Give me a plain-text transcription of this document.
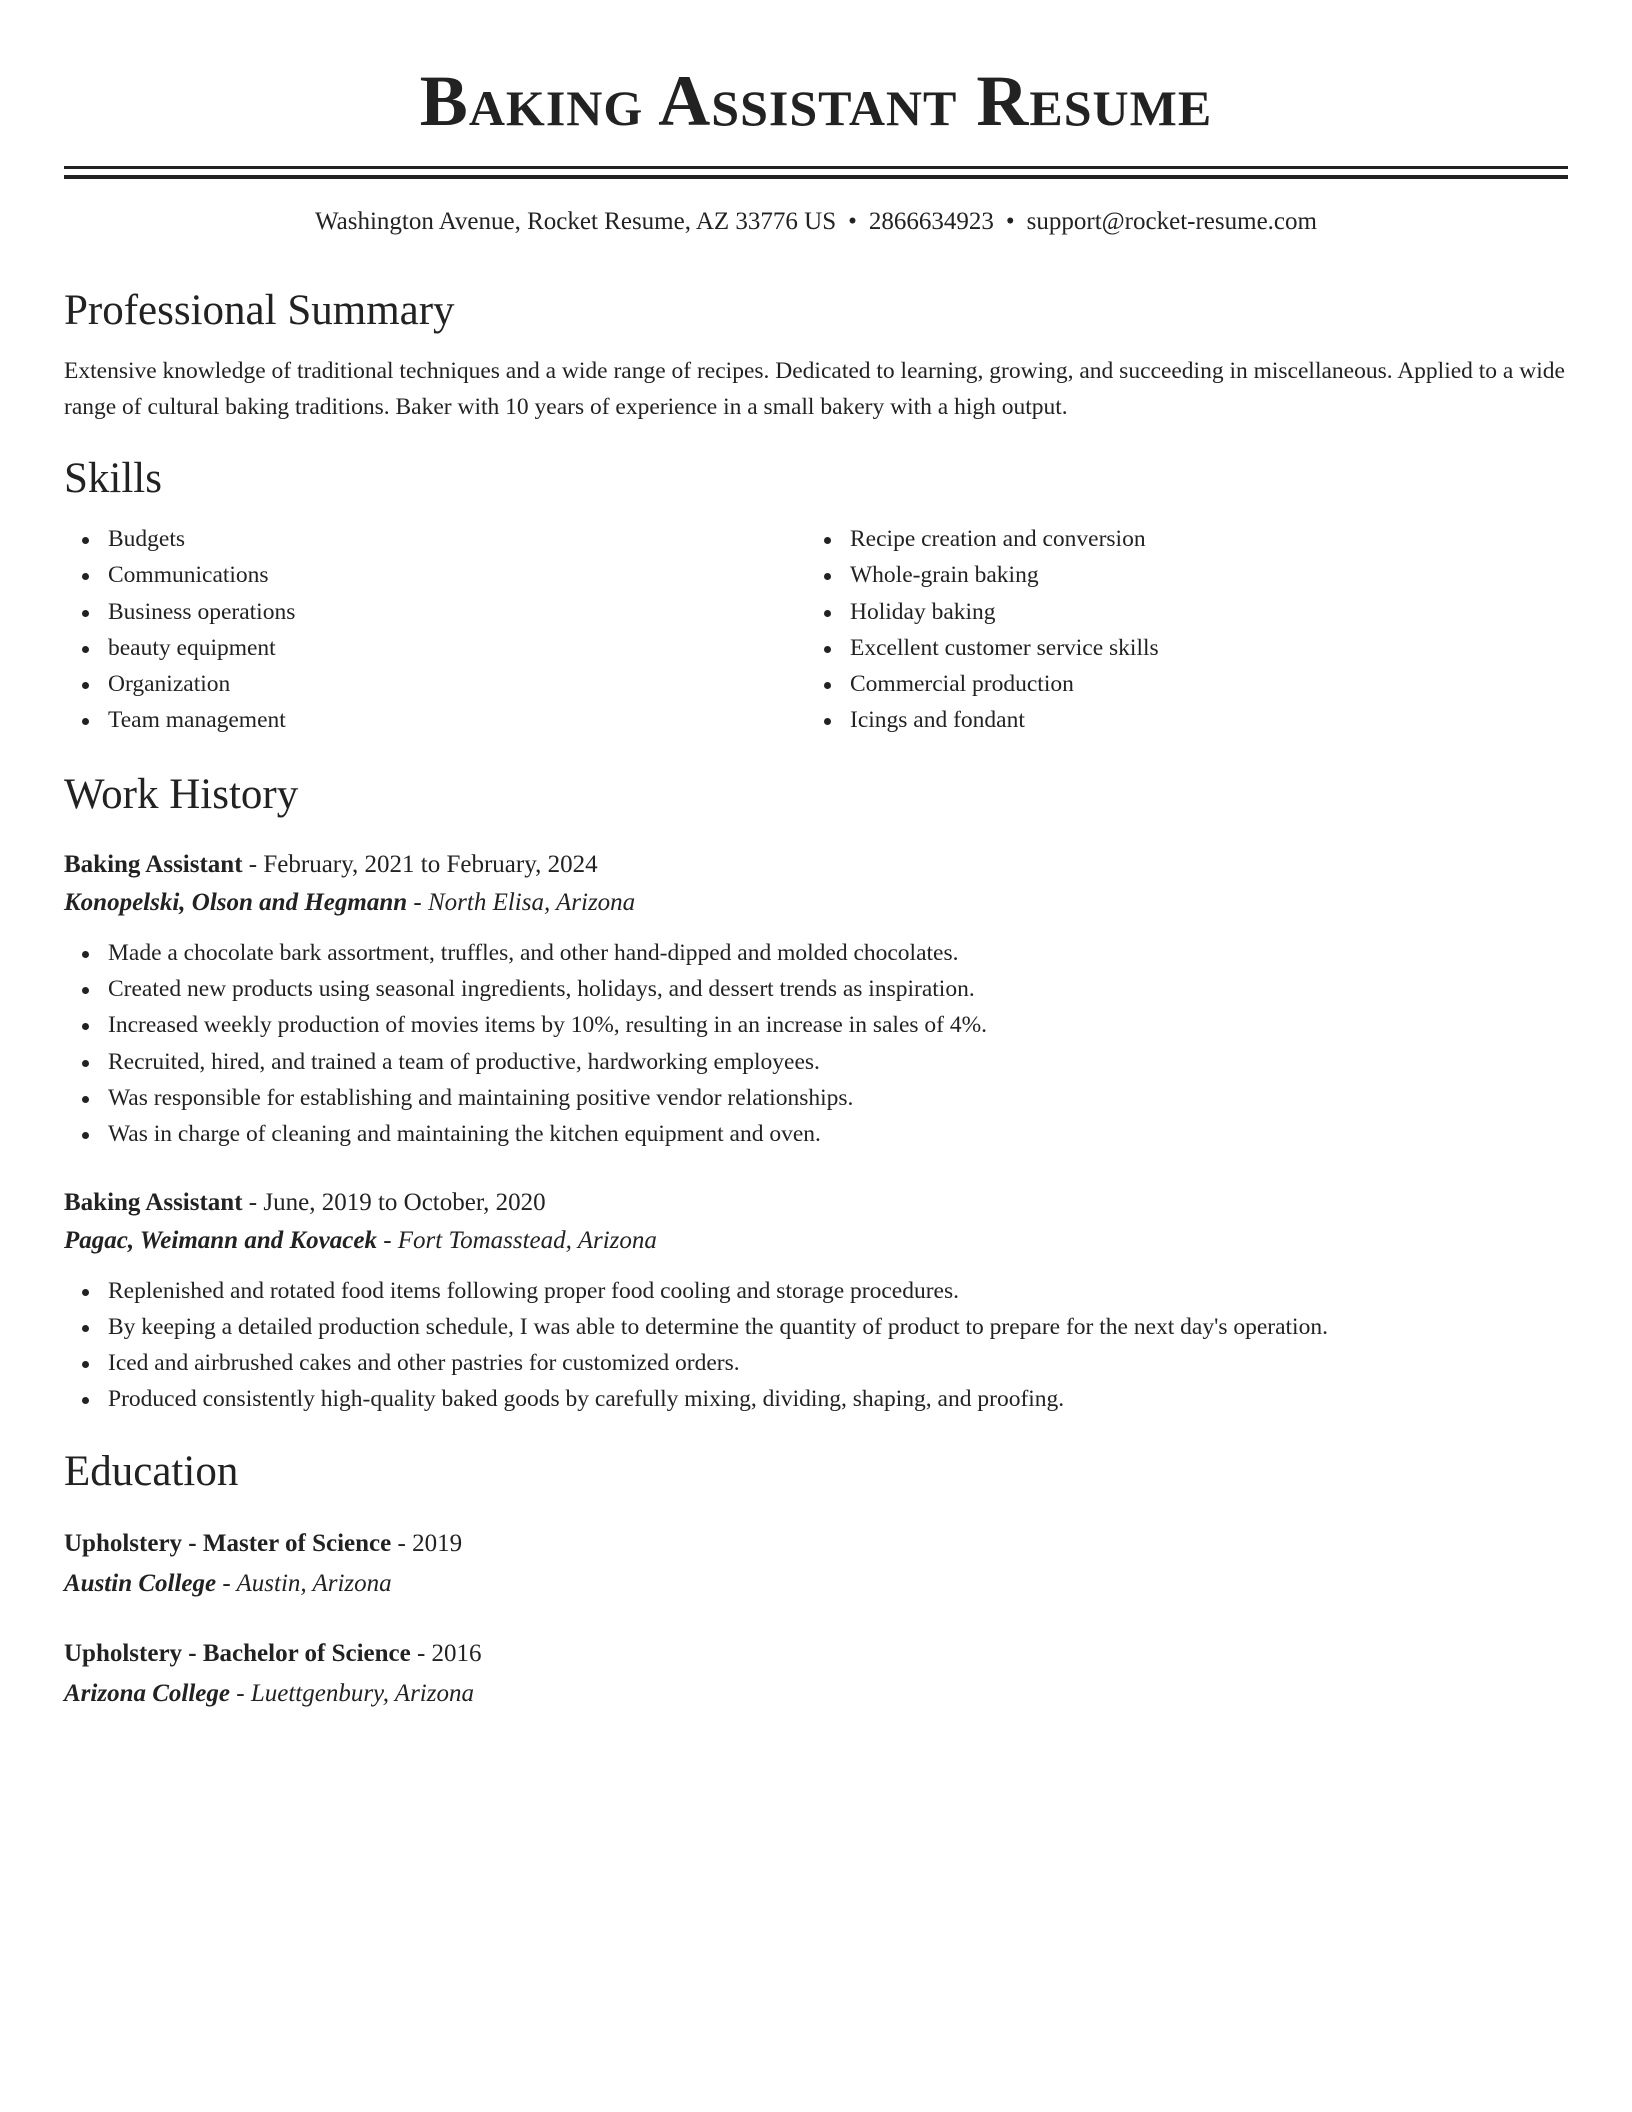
Baking Assistant Resume
Washington Avenue, Rocket Resume, AZ 33776 US • 2866634923 • support@rocket-resume.com
Professional Summary
Extensive knowledge of traditional techniques and a wide range of recipes. Dedicated to learning, growing, and succeeding in miscellaneous. Applied to a wide range of cultural baking traditions. Baker with 10 years of experience in a small bakery with a high output.
Skills
Budgets
Communications
Business operations
beauty equipment
Organization
Team management
Recipe creation and conversion
Whole-grain baking
Holiday baking
Excellent customer service skills
Commercial production
Icings and fondant
Work History
Baking Assistant - February, 2021 to February, 2024
Konopelski, Olson and Hegmann - North Elisa, Arizona
Made a chocolate bark assortment, truffles, and other hand-dipped and molded chocolates.
Created new products using seasonal ingredients, holidays, and dessert trends as inspiration.
Increased weekly production of movies items by 10%, resulting in an increase in sales of 4%.
Recruited, hired, and trained a team of productive, hardworking employees.
Was responsible for establishing and maintaining positive vendor relationships.
Was in charge of cleaning and maintaining the kitchen equipment and oven.
Baking Assistant - June, 2019 to October, 2020
Pagac, Weimann and Kovacek - Fort Tomasstead, Arizona
Replenished and rotated food items following proper food cooling and storage procedures.
By keeping a detailed production schedule, I was able to determine the quantity of product to prepare for the next day's operation.
Iced and airbrushed cakes and other pastries for customized orders.
Produced consistently high-quality baked goods by carefully mixing, dividing, shaping, and proofing.
Education
Upholstery - Master of Science - 2019
Austin College - Austin, Arizona
Upholstery - Bachelor of Science - 2016
Arizona College - Luettgenbury, Arizona
